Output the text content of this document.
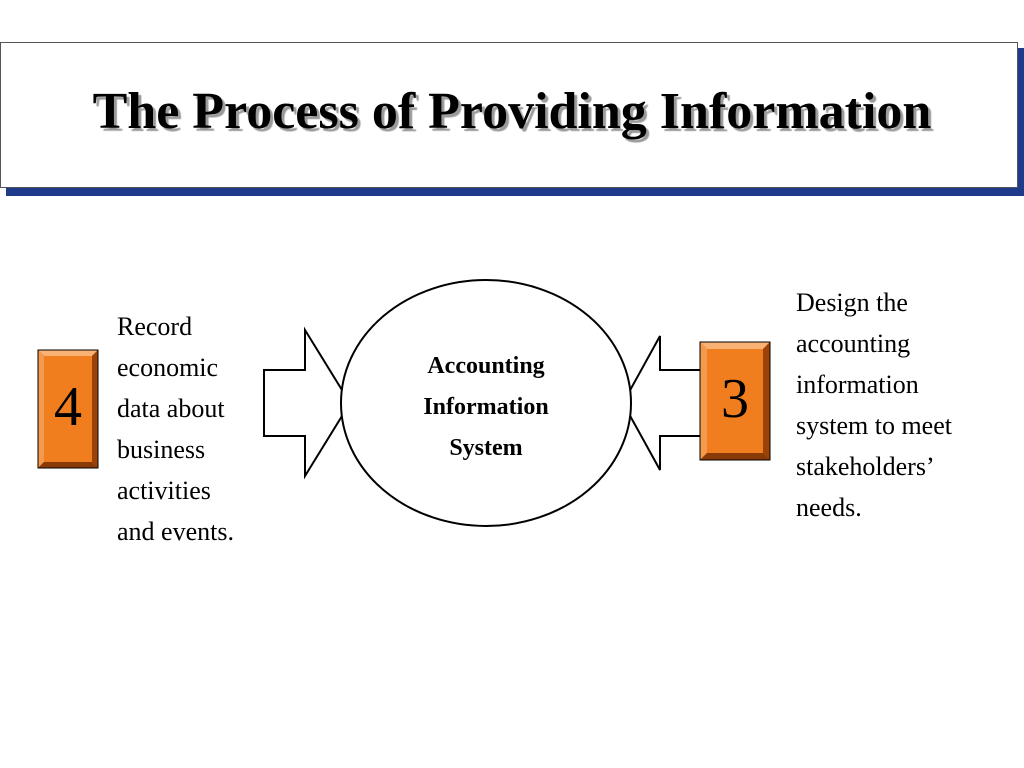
The Process of Providing Information
Accounting
Information
System
4	3
Record
economic
data about
business
activities
and events.
Design the
accounting
information
system to meet
stakeholders’
needs.
